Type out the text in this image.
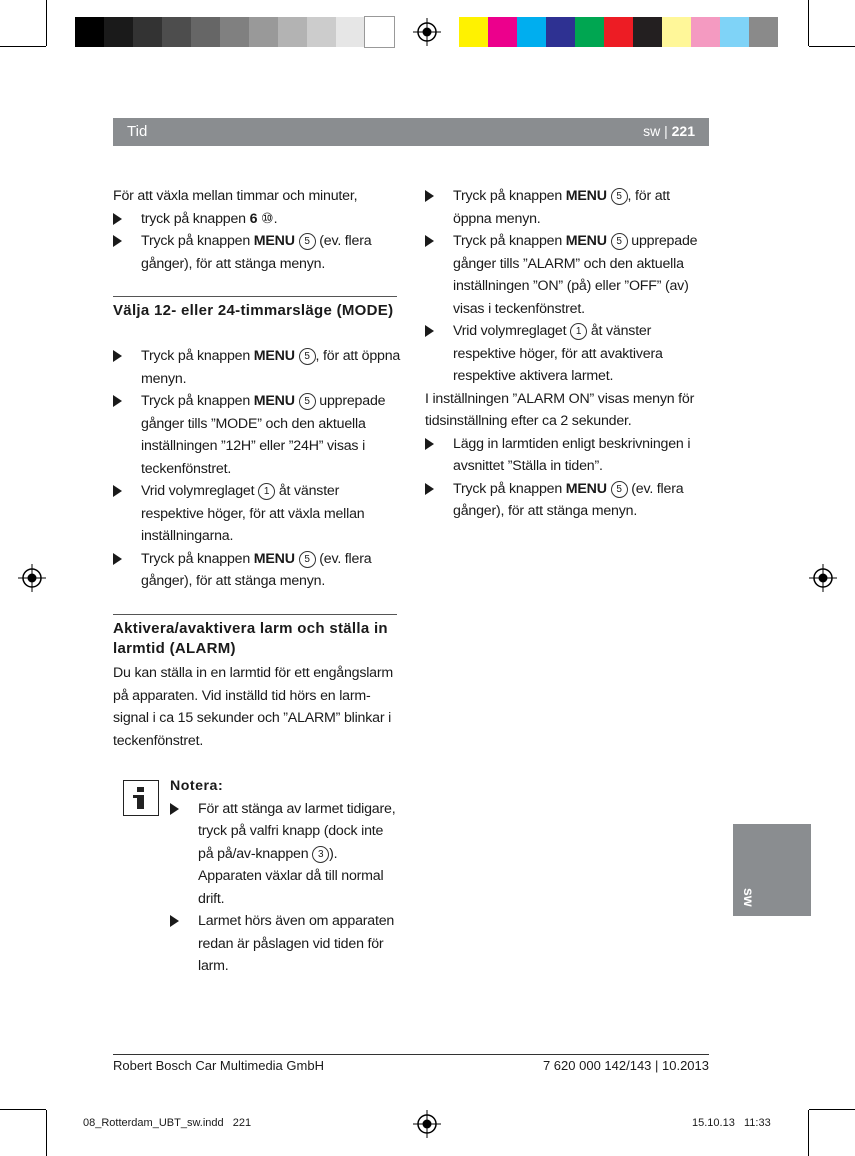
Tid	sw | 221

För att växla mellan timmar och minuter,

tryck på knappen 6 ⑩.
Tryck på knappen MENU 5 (ev. flera gånger), för att stänga menyn.
Välja 12- eller 24-timmarsläge (MODE)
Tryck på knappen MENU 5 , för att öppna menyn.
Tryck på knappen MENU 5 upprepade gånger tills ”MODE” och den aktuella inställningen ”12H” eller ”24H” visas i teckenfönstret.
Vrid volymreglaget 1 åt vänster respektive höger, för att växla mellan inställningarna.
Tryck på knappen MENU 5 (ev. flera gånger), för att stänga menyn.
Aktivera/avaktivera larm och ställa in larmtid (ALARM)

Du kan ställa in en larmtid för ett engångslarm på apparaten. Vid inställd tid hörs en larmsignal i ca 15 sekunder och ”ALARM” blinkar i teckenfönstret.

Notera:

För att stänga av larmet tidigare, tryck på valfri knapp (dock inte på på/av-knappen 3 ). Apparaten växlar då till normal drift.
Larmet hörs även om apparaten redan är påslagen vid tiden för larm.
Tryck på knappen MENU 5 , för att öppna menyn.
Tryck på knappen MENU 5 upprepade gånger tills ”ALARM” och den aktuella inställningen ”ON” (på) eller ”OFF” (av) visas i teckenfönstret.
Vrid volymreglaget 1 åt vänster respektive höger, för att avaktivera respektive aktivera larmet.

I inställningen ”ALARM ON” visas menyn för tidsinställning efter ca 2 sekunder.

Lägg in larmtiden enligt beskrivningen i avsnittet ”Ställa in tiden”.
Tryck på knappen MENU 5 (ev. flera gånger), för att stänga menyn.
sw
Robert Bosch Car Multimedia GmbH	7 620 000 142/143 | 10.2013
08_Rotterdam_UBT_sw.indd   221	15.10.13   11:33
